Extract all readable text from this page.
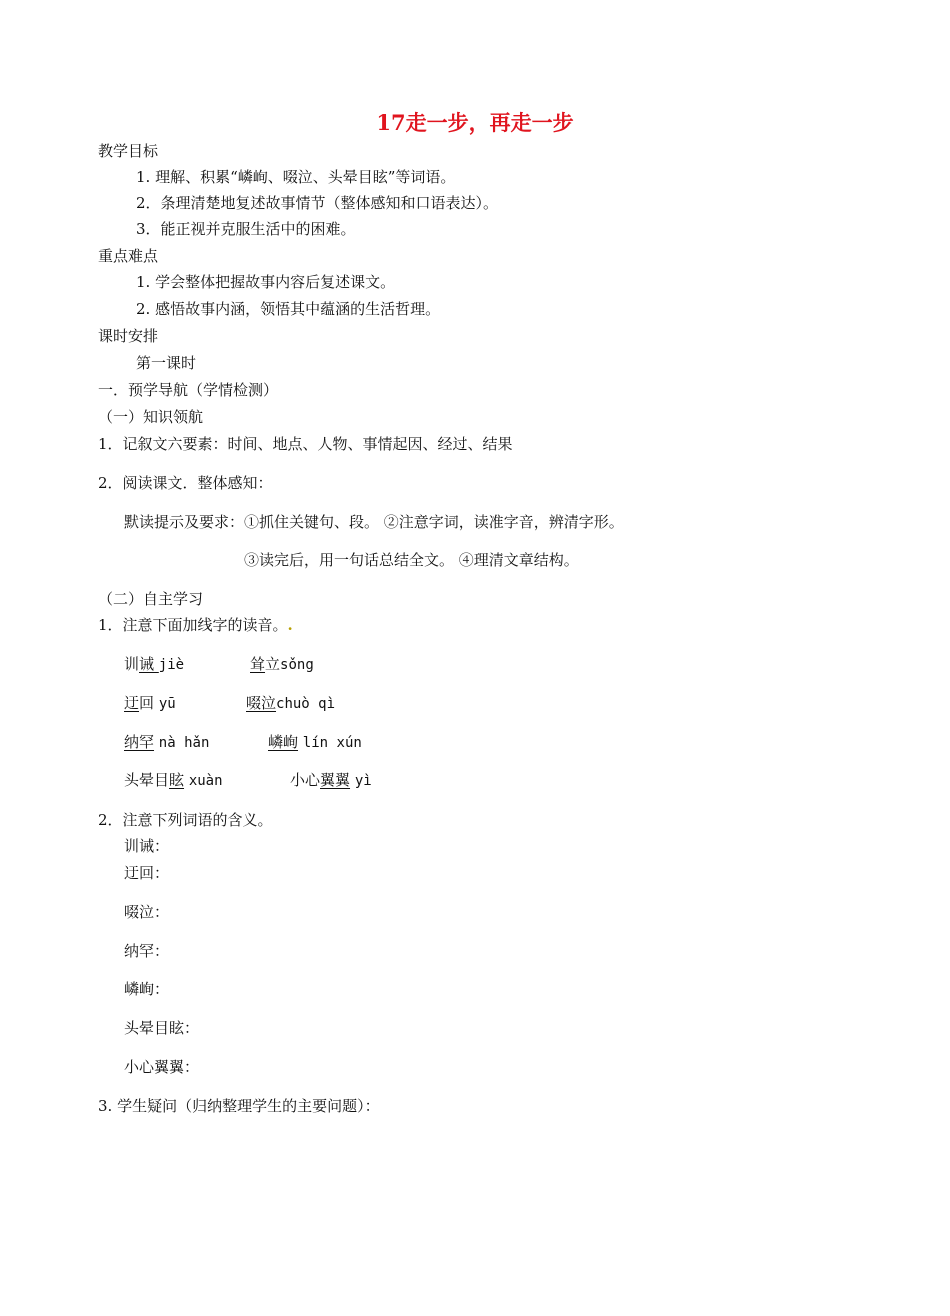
17走一步，再走一步
教学目标
1. 理解、积累“嶙峋、啜泣、头晕目眩”等词语。
2．条理清楚地复述故事情节（整体感知和口语表达）。
3．能正视并克服生活中的困难。
重点难点
1. 学会整体把握故事内容后复述课文。
2. 感悟故事内涵，领悟其中蕴涵的生活哲理。
课时安排
第一课时
一．预学导航（学情检测）
（一）知识领航
1．记叙文六要素：时间、地点、人物、事情起因、经过、结果
2．阅读课文．整体感知：
默读提示及要求：①抓住关键句、段。 ②注意字词，读准字音，辨清字形。
③读完后，用一句话总结全文。 ④理清文章结构。
（二）自主学习
1．注意下面加线字的读音。.
训诫 jiè	耸立sǒng
迂回 yū	啜泣chuò qì
纳罕 nà hǎn	嶙峋 lín xún
头晕目眩 xuàn	小心翼翼 yì
2．注意下列词语的含义。
训诫：
迂回：
啜泣：
纳罕：
嶙峋：
头晕目眩：
小心翼翼：
3. 学生疑问（归纳整理学生的主要问题）：
